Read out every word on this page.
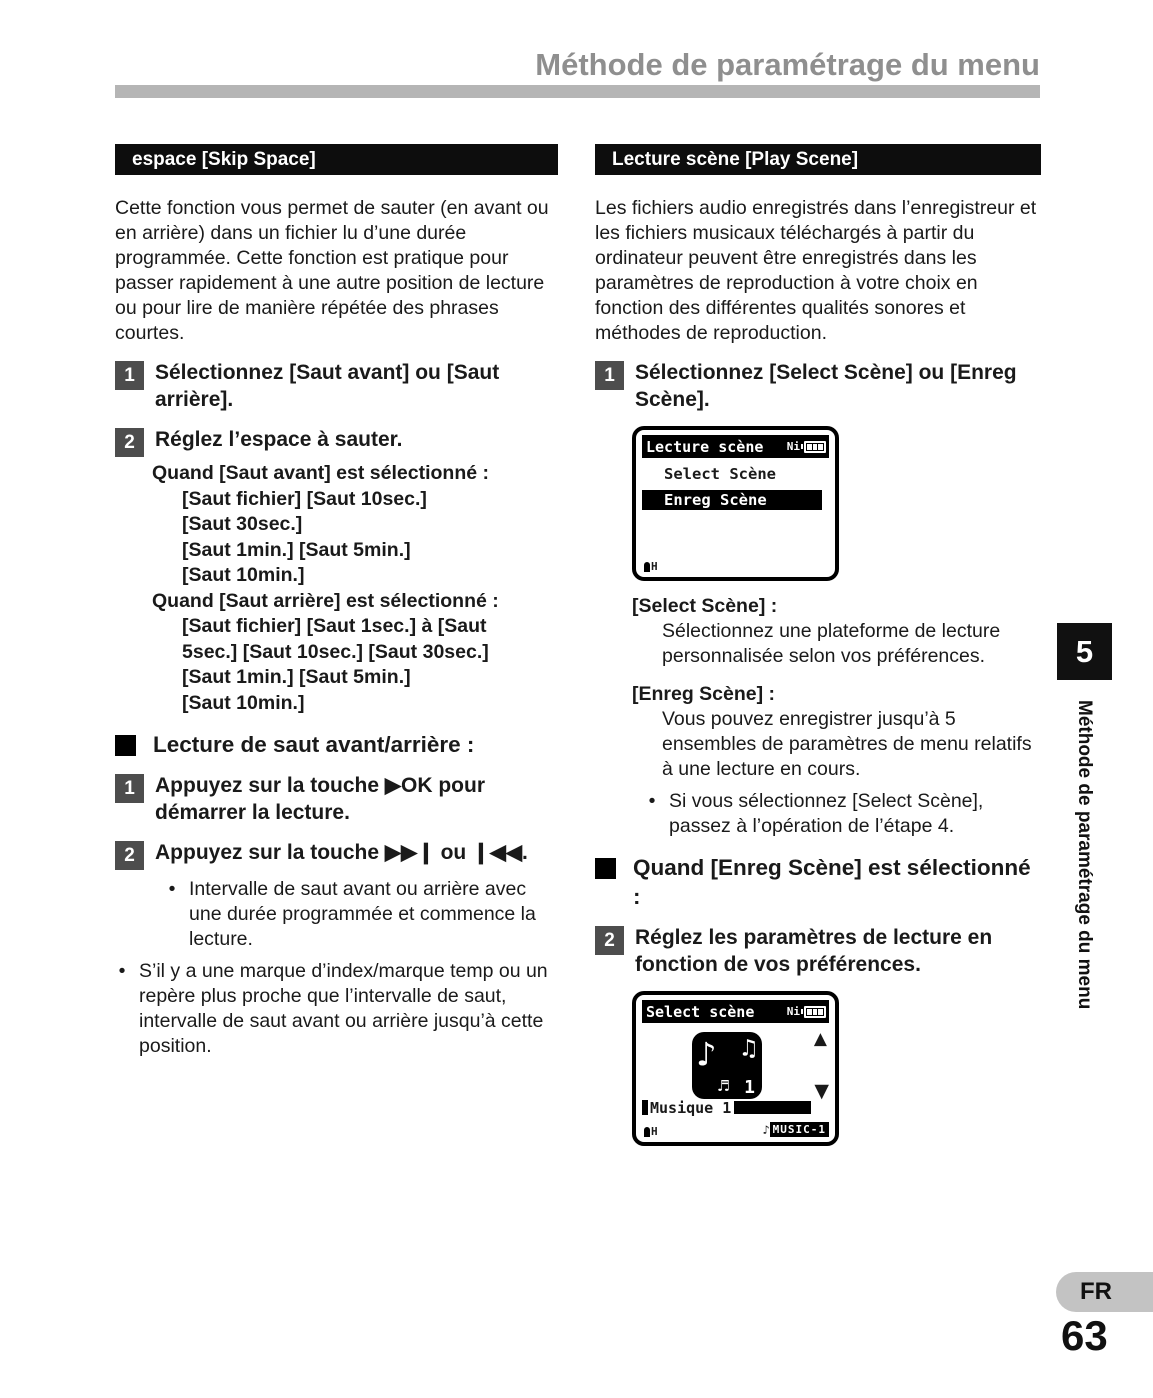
Méthode de paramétrage du menu
espace [Skip Space]

Cette fonction vous permet de sauter (en avant ou en arrière) dans un fichier lu d’une durée programmée. Cette fonction est pratique pour passer rapidement à une autre position de lecture ou pour lire de manière répétée des phrases courtes.

1 Sélectionnez [Saut avant] ou [Saut arrière].
2 Réglez l’espace à sauter.
Quand [Saut avant] est sélectionné :
[Saut fichier] [Saut 10sec.]
[Saut 30sec.]
[Saut 1min.] [Saut 5min.]
[Saut 10min.]
Quand [Saut arrière] est sélectionné :
[Saut fichier] [Saut 1sec.] à [Saut
5sec.] [Saut 10sec.] [Saut 30sec.]
[Saut 1min.] [Saut 5min.]
[Saut 10min.]
Lecture de saut avant/arrière :
1 Appuyez sur la touche ▶OK pour démarrer la lecture.
2 Appuyez sur la touche ▶▶❙ ou ❙◀◀.
• Intervalle de saut avant ou arrière avec une durée programmée et commence la lecture.
• S’il y a une marque d’index/marque temp ou un repère plus proche que l’intervalle de saut, intervalle de saut avant ou arrière jusqu’à cette position.
Lecture scène [Play Scene]

Les fichiers audio enregistrés dans l’enregistreur et les fichiers musicaux téléchargés à partir du ordinateur peuvent être enregistrés dans les paramètres de reproduction à votre choix en fonction des différentes qualités sonores et méthodes de reproduction.

1 Sélectionnez [Select Scène] ou [Enreg Scène].
Lecture scène Ni
Select Scène
Enreg Scène
H
[Select Scène] :
Sélectionnez une plateforme de lecture personnalisée selon vos préférences.
[Enreg Scène] :
Vous pouvez enregistrer jusqu’à 5 ensembles de paramètres de menu relatifs à une lecture en cours.
• Si vous sélectionnez [Select Scène], passez à l’opération de l’étape 4.
Quand [Enreg Scène] est sélectionné :
2 Réglez les paramètres de lecture en fonction de vos préférences.
Select scène	Ni
▲
♪ ♫
♬ 1
Musique 1
▼
H	♪ MUSIC-1
5
Méthode de paramétrage du menu
FR
63
